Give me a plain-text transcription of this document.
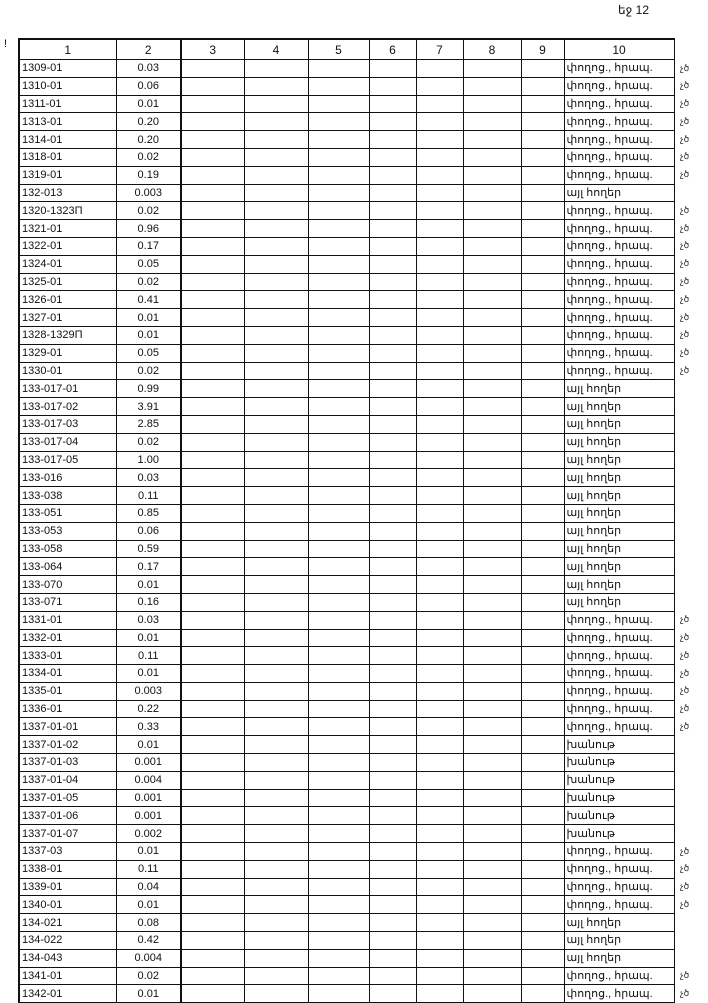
եջ 12
!	1	2	3	4	5	6	7	8	9	10
1309-01	0.03								փողոց., հրապ.
1310-01	0.06								փողոց., հրապ.
1311-01	0.01								փողոց., հրապ.
1313-01	0.20								փողոց., հրապ.
1314-01	0.20								փողոց., հրապ.
1318-01	0.02								փողոց., հրապ.
1319-01	0.19								փողոց., հրապ.
132-013	0.003								այլ հողեր
1320-1323Π	0.02								փողոց., հրապ.
1321-01	0.96								փողոց., հրապ.
1322-01	0.17								փողոց., հրապ.
1324-01	0.05								փողոց., հրապ.
1325-01	0.02								փողոց., հրապ.
1326-01	0.41								փողոց., հրապ.
1327-01	0.01								փողոց., հրապ.
1328-1329Π	0.01								փողոց., հրապ.
1329-01	0.05								փողոց., հրապ.
1330-01	0.02								փողոց., հրապ.
133-017-01	0.99								այլ հողեր
133-017-02	3.91								այլ հողեր
133-017-03	2.85								այլ հողեր
133-017-04	0.02								այլ հողեր
133-017-05	1.00								այլ հողեր
133-016	0.03								այլ հողեր
133-038	0.11								այլ հողեր
133-051	0.85								այլ հողեր
133-053	0.06								այլ հողեր
133-058	0.59								այլ հողեր
133-064	0.17								այլ հողեր
133-070	0.01								այլ հողեր
133-071	0.16								այլ հողեր
1331-01	0.03								փողոց., հրապ.
1332-01	0.01								փողոց., հրապ.
1333-01	0.11								փողոց., հրապ.
1334-01	0.01								փողոց., հրապ.
1335-01	0.003								փողոց., հրապ.
1336-01	0.22								փողոց., հրապ.
1337-01-01	0.33								փողոց., հրապ.
1337-01-02	0.01								խանութ
1337-01-03	0.001								խանութ
1337-01-04	0.004								խանութ
1337-01-05	0.001								խանութ
1337-01-06	0.001								խանութ
1337-01-07	0.002								խանութ
1337-03	0.01								փողոց., հրապ.
1338-01	0.11								փողոց., հրապ.
1339-01	0.04								փողոց., հրապ.
1340-01	0.01								փողոց., հրապ.
134-021	0.08								այլ հողեր
134-022	0.42								այլ հողեր
134-043	0.004								այլ հողեր
1341-01	0.02								փողոց., հրապ.
1342-01	0.01								փողոց., հրապ.
չծ
չծ
չծ
չծ
չծ
չծ
չծ
չծ
չծ
չծ
չծ
չծ
չծ
չծ
չծ
չծ
չծ
չծ
չծ
չծ
չծ
չծ
չծ
չծ
չծ
չծ
չծ
չծ
չծ
չծ
